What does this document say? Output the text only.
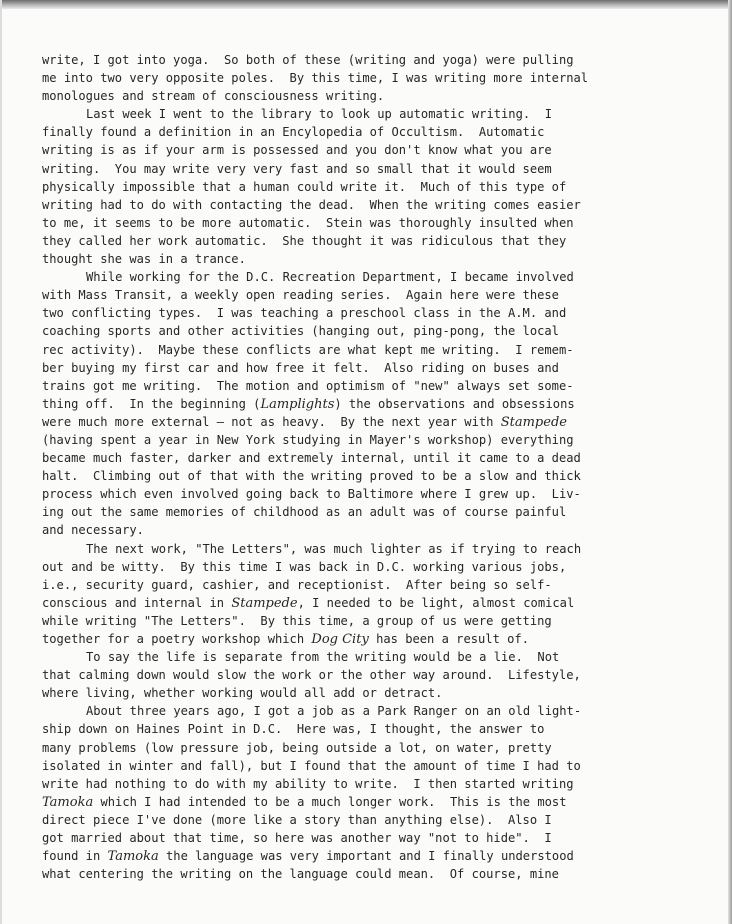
write, I got into yoga.  So both of these (writing and yoga) were pulling
me into two very opposite poles.  By this time, I was writing more internal
monologues and stream of consciousness writing.
Last week I went to the library to look up automatic writing.  I
finally found a definition in an Encylopedia of Occultism.  Automatic
writing is as if your arm is possessed and you don't know what you are
writing.  You may write very very fast and so small that it would seem
physically impossible that a human could write it.  Much of this type of
writing had to do with contacting the dead.  When the writing comes easier
to me, it seems to be more automatic.  Stein was thoroughly insulted when
they called her work automatic.  She thought it was ridiculous that they
thought she was in a trance.
While working for the D.C. Recreation Department, I became involved
with Mass Transit, a weekly open reading series.  Again here were these
two conflicting types.  I was teaching a preschool class in the A.M. and
coaching sports and other activities (hanging out, ping-pong, the local
rec activity).  Maybe these conflicts are what kept me writing.  I remem-
ber buying my first car and how free it felt.  Also riding on buses and
trains got me writing.  The motion and optimism of "new" always set some-
thing off.  In the beginning (Lamplights) the observations and obsessions
were much more external — not as heavy.  By the next year with Stampede
(having spent a year in New York studying in Mayer's workshop) everything
became much faster, darker and extremely internal, until it came to a dead
halt.  Climbing out of that with the writing proved to be a slow and thick
process which even involved going back to Baltimore where I grew up.  Liv-
ing out the same memories of childhood as an adult was of course painful
and necessary.
The next work, "The Letters", was much lighter as if trying to reach
out and be witty.  By this time I was back in D.C. working various jobs,
i.e., security guard, cashier, and receptionist.  After being so self-
conscious and internal in Stampede, I needed to be light, almost comical
while writing "The Letters".  By this time, a group of us were getting
together for a poetry workshop which Dog City has been a result of.
To say the life is separate from the writing would be a lie.  Not
that calming down would slow the work or the other way around.  Lifestyle,
where living, whether working would all add or detract.
About three years ago, I got a job as a Park Ranger on an old light-
ship down on Haines Point in D.C.  Here was, I thought, the answer to
many problems (low pressure job, being outside a lot, on water, pretty
isolated in winter and fall), but I found that the amount of time I had to
write had nothing to do with my ability to write.  I then started writing
Tamoka which I had intended to be a much longer work.  This is the most
direct piece I've done (more like a story than anything else).  Also I
got married about that time, so here was another way "not to hide".  I
found in Tamoka the language was very important and I finally understood
what centering the writing on the language could mean.  Of course, mine
